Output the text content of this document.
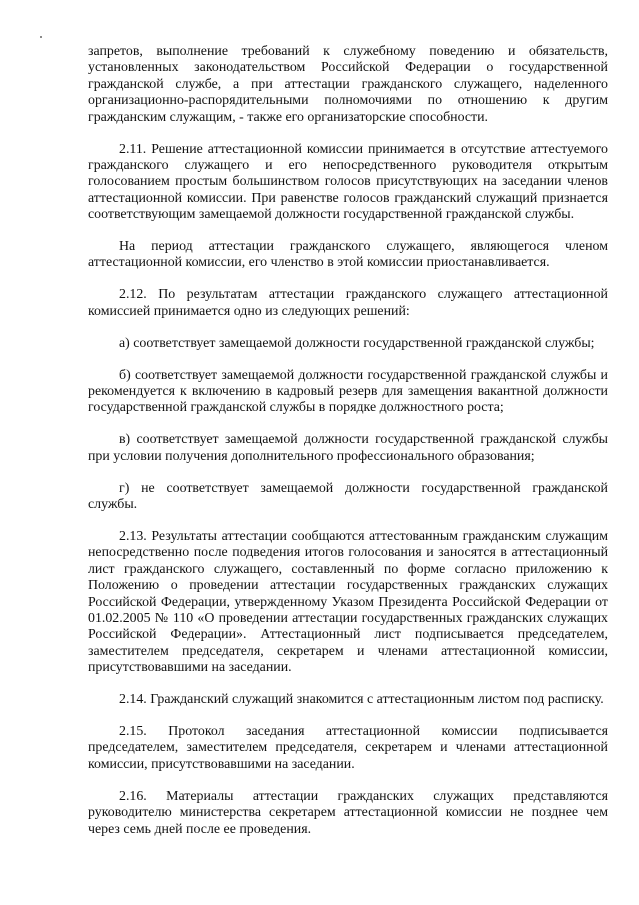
запретов, выполнение требований к служебному поведению и обязательств, установленных законодательством Российской Федерации о государственной гражданской службе, а при аттестации гражданского служащего, наделенного организационно-распорядительными полномочиями по отношению к другим гражданским служащим, - также его организаторские способности.

2.11. Решение аттестационной комиссии принимается в отсутствие аттестуемого гражданского служащего и его непосредственного руководителя открытым голосованием простым большинством голосов присутствующих на заседании членов аттестационной комиссии. При равенстве голосов гражданский служащий признается соответствующим замещаемой должности государственной гражданской службы.

На период аттестации гражданского служащего, являющегося членом аттестационной комиссии, его членство в этой комиссии приостанавливается.

2.12. По результатам аттестации гражданского служащего аттестационной комиссией принимается одно из следующих решений:

а) соответствует замещаемой должности государственной гражданской службы;

б) соответствует замещаемой должности государственной гражданской службы и рекомендуется к включению в кадровый резерв для замещения вакантной должности государственной гражданской службы в порядке должностного роста;

в) соответствует замещаемой должности государственной гражданской службы при условии получения дополнительного профессионального образования;

г) не соответствует замещаемой должности государственной гражданской службы.

2.13. Результаты аттестации сообщаются аттестованным гражданским служащим непосредственно после подведения итогов голосования и заносятся в аттестационный лист гражданского служащего, составленный по форме согласно приложению к Положению о проведении аттестации государственных гражданских служащих Российской Федерации, утвержденному Указом Президента Российской Федерации от 01.02.2005 № 110 «О проведении аттестации государственных гражданских служащих Российской Федерации». Аттестационный лист подписывается председателем, заместителем председателя, секретарем и членами аттестационной комиссии, присутствовавшими на заседании.

2.14. Гражданский служащий знакомится с аттестационным листом под расписку.

2.15. Протокол заседания аттестационной комиссии подписывается председателем, заместителем председателя, секретарем и членами аттестационной комиссии, присутствовавшими на заседании.

2.16. Материалы аттестации гражданских служащих представляются руководителю министерства секретарем аттестационной комиссии не позднее чем через семь дней после ее проведения.
